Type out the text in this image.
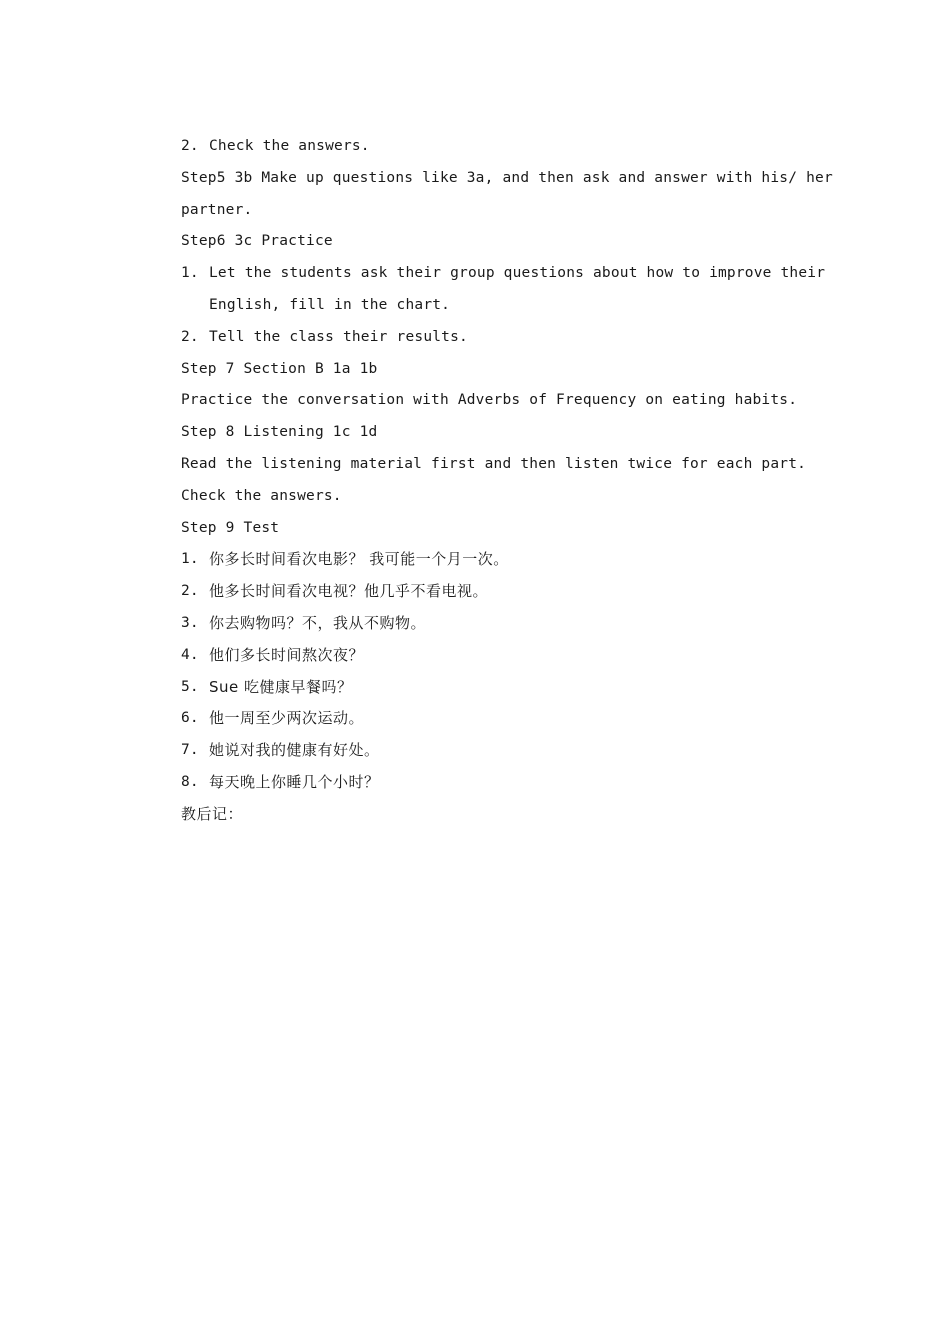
2. Check the answers.
Step5 3b Make up questions like 3a, and then ask and answer with his/ her
partner.
Step6 3c Practice
1. Let the students ask their group questions about how to improve their
English, fill in the chart.
2. Tell the class their results.
Step 7 Section B 1a 1b
Practice the conversation with Adverbs of Frequency on eating habits.
Step 8 Listening 1c 1d
Read the listening material first and then listen twice for each part.
Check the answers.
Step 9 Test
1. 你多长时间看次电影？ 我可能一个月一次。
2. 他多长时间看次电视？他几乎不看电视。
3. 你去购物吗？不，我从不购物。
4. 他们多长时间熬次夜？
5. Sue 吃健康早餐吗？
6. 他一周至少两次运动。
7. 她说对我的健康有好处。
8. 每天晚上你睡几个小时？
教后记：
